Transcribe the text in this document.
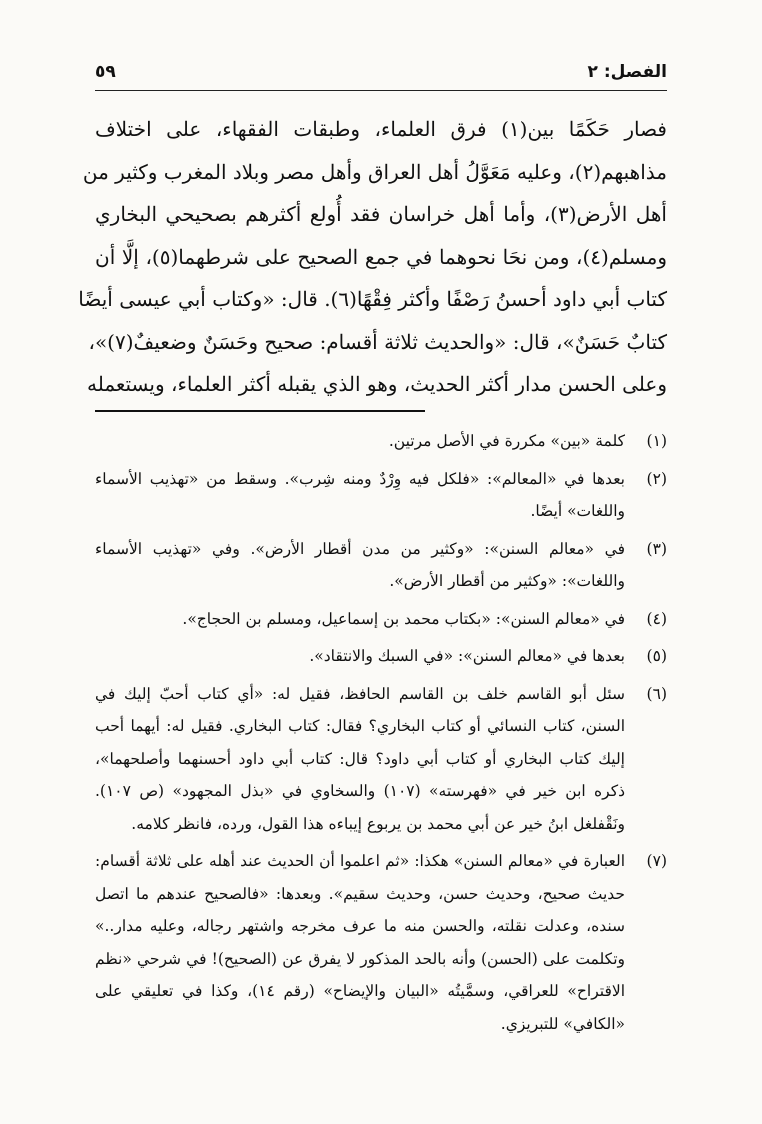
الفصل: ٢
٥٩
فصار حَكَمًا بين(١) فرق العلماء، وطبقات الفقهاء، على اختلاف
مذاهبهم(٢)، وعليه مَعَوَّلُ أهل العراق وأهل مصر وبلاد المغرب وكثير من
أهل الأرض(٣)، وأما أهل خراسان فقد أُولع أكثرهم بصحيحي البخاري
ومسلم(٤)، ومن نحَا نحوهما في جمع الصحيح على شرطهما(٥)، إلَّا أن
كتاب أبي داود أحسنُ رَصْفًا وأكثر فِقْهًا(٦). قال: «وكتاب أبي عيسى أيضًا
كتابٌ حَسَنٌ»، قال: «والحديث ثلاثة أقسام: صحيح وحَسَنٌ وضعيفٌ(٧)»،
وعلى الحسن مدار أكثر الحديث، وهو الذي يقبله أكثر العلماء، ويستعمله
(١)
كلمة «بين» مكررة في الأصل مرتين.
(٢)
بعدها في «المعالم»: «فلكل فيه وِرْدٌ ومنه شِرب». وسقط من «تهذيب الأسماء واللغات» أيضًا.
(٣)
في «معالم السنن»: «وكثير من مدن أقطار الأرض». وفي «تهذيب الأسماء واللغات»: «وكثير من أقطار الأرض».
(٤)
في «معالم السنن»: «بكتاب محمد بن إسماعيل، ومسلم بن الحجاج».
(٥)
بعدها في «معالم السنن»: «في السبك والانتقاد».
(٦)
سئل أبو القاسم خلف بن القاسم الحافظ، فقيل له: «أي كتاب أحبّ إليك في السنن، كتاب النسائي أو كتاب البخاري؟ فقال: كتاب البخاري. فقيل له: أيهما أحب إليك كتاب البخاري أو كتاب أبي داود؟ قال: كتاب أبي داود أحسنهما وأصلحهما»، ذكره ابن خير في «فهرسته» (١٠٧) والسخاوي في «بذل المجهود» (ص ١٠٧). ونَقْفلغل ابنُ خير عن أبي محمد بن يربوع إيباءه هذا القول، ورده، فانظر كلامه.
(٧)
العبارة في «معالم السنن» هكذا: «ثم اعلموا أن الحديث عند أهله على ثلاثة أقسام: حديث صحيح، وحديث حسن، وحديث سقيم». وبعدها: «فالصحيح عندهم ما اتصل سنده، وعدلت نقلته، والحسن منه ما عرف مخرجه واشتهر رجاله، وعليه مدار..» وتكلمت على (الحسن) وأنه بالحد المذكور لا يفرق عن (الصحيح)! في شرحي «نظم الاقتراح» للعراقي، وسمَّيتُه «البيان والإيضاح» (رقم ١٤)، وكذا في تعليقي على «الكافي» للتبريزي.
